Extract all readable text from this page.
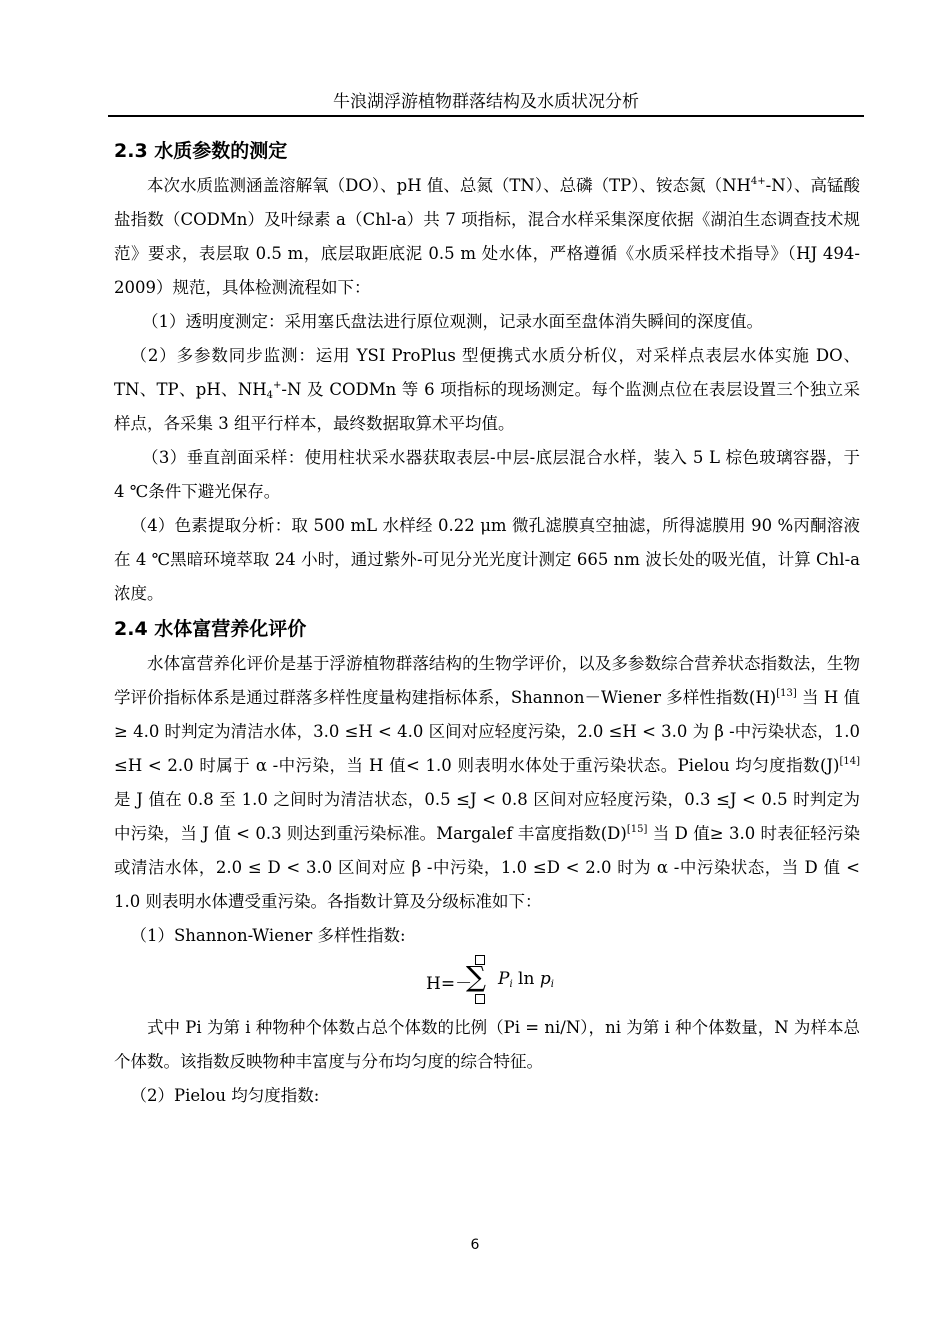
牛浪湖浮游植物群落结构及水质状况分析
2.3 水质参数的测定

本次水质监测涵盖溶解氧（DO）、pH 值、总氮（TN）、总磷（TP）、铵态氮$(NH^{4+}-N)$、高锰酸盐指数（CODMn）及叶绿素 a（Chl-a）共 7 项指标，混合水样采集深度依据《湖泊生态调查技术规范》要求，表层取 0.5 m，底层取距底泥 0.5 m 处水体，严格遵循《水质采样技术指导》（HJ 494-2009）规范，具体检测流程如下：

（1）透明度测定：采用塞氏盘法进行原位观测，记录水面至盘体消失瞬间的深度值。

（2）多参数同步监测：运用 YSI ProPlus 型便携式水质分析仪，对采样点表层水体实施 DO、TN、TP、pH、$NH_4^+-N$ 及 CODMn 等 6 项指标的现场测定。每个监测点位在表层设置三个独立采样点，各采集 3 组平行样本，最终数据取算术平均值。

（3）垂直剖面采样：使用柱状采水器获取表层-中层-底层混合水样，装入 5 L 棕色玻璃容器，于 4 ℃条件下避光保存。

（4）色素提取分析：取 500 mL 水样经 0.22 μm 微孔滤膜真空抽滤，所得滤膜用 90 %丙酮溶液在 4 ℃黑暗环境萃取 24 小时，通过紫外-可见分光光度计测定 665 nm 波长处的吸光值，计算 Chl-a 浓度。

2.4 水体富营养化评价

水体富营养化评价是基于浮游植物群落结构的生物学评价，以及多参数综合营养状态指数法，生物学评价指标体系是通过群落多样性度量构建指标体系，Shannon－Wiener 多样性指数(H)[13] 当 H 值≥ 4.0 时判定为清洁水体，3.0 ≤H < 4.0 区间对应轻度污染，2.0 ≤H < 3.0 为 β -中污染状态，1.0 ≤H < 2.0 时属于 α -中污染，当 H 值< 1.0 则表明水体处于重污染状态。Pielou 均匀度指数(J)[14] 是 J 值在 0.8 至 1.0 之间时为清洁状态，0.5 ≤J < 0.8 区间对应轻度污染，0.3 ≤J < 0.5 时判定为中污染，当 J 值 < 0.3 则达到重污染标准。Margalef 丰富度指数(D)[15] 当 D 值≥ 3.0 时表征轻污染或清洁水体，2.0 ≤ D < 3.0 区间对应 β -中污染，1.0 ≤D < 2.0 时为 α -中污染状态，当 D 值 < 1.0 则表明水体遭受重污染。各指数计算及分级标准如下：

（1）Shannon-Wiener 多样性指数:

H=－
∑ $P_i$ $\ln p_i$

式中 Pi 为第 i 种物种个体数占总个体数的比例（Pi = ni/N），ni 为第 i 种个体数量，N 为样本总个体数。该指数反映物种丰富度与分布均匀度的综合特征。

（2）Pielou 均匀度指数:

6
